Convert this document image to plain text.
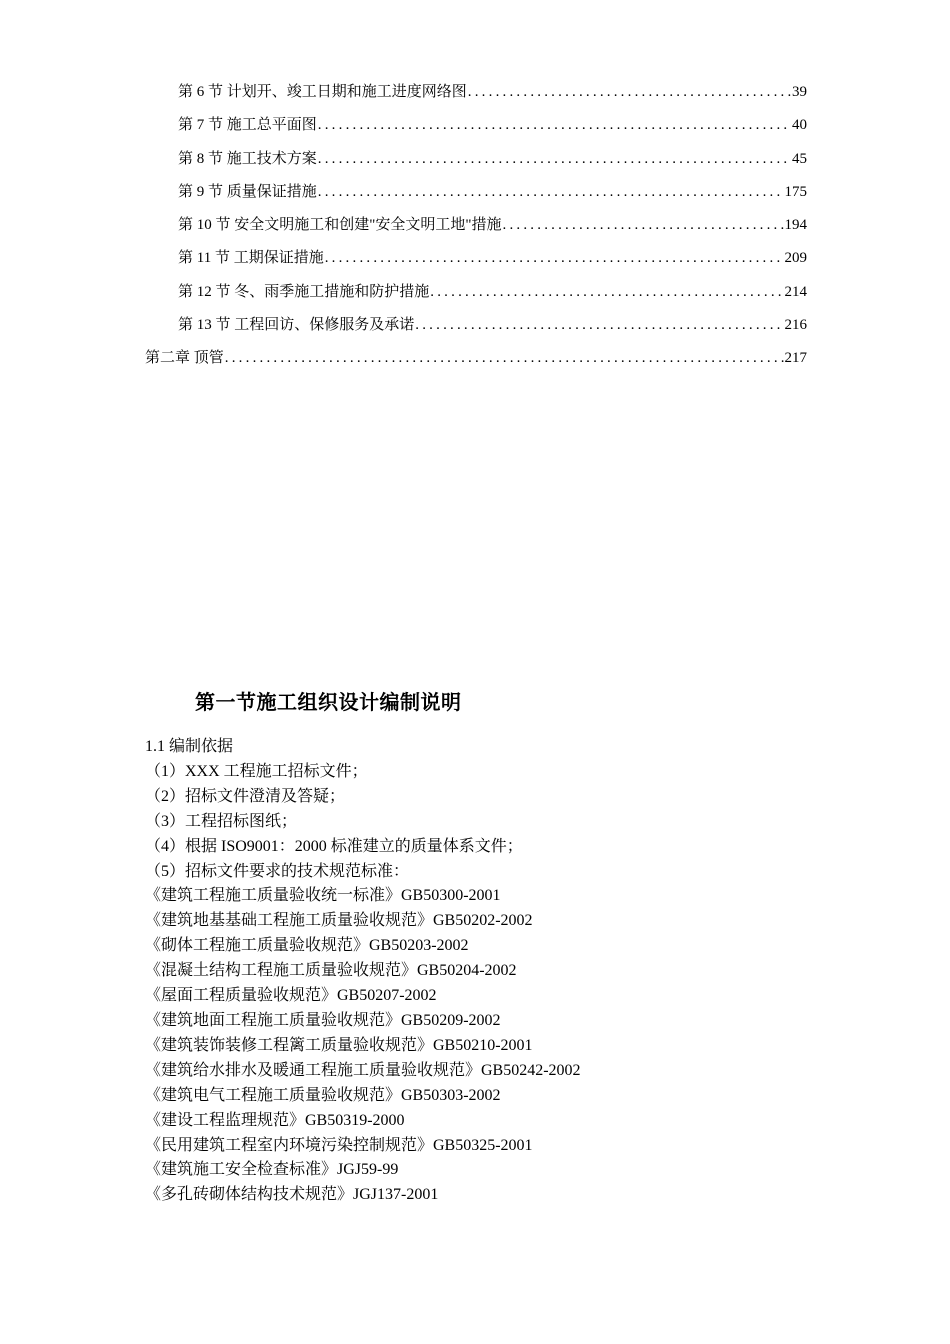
第 6 节 计划开、竣工日期和施工进度网络图 .....	39
第 7 节 施工总平面图 .....	40
第 8 节 施工技术方案 .....	45
第 9 节 质量保证措施 .....	175
第 10 节 安全文明施工和创建"安全文明工地"措施 .....	194
第 11 节 工期保证措施 .....	209
第 12 节 冬、雨季施工措施和防护措施 .....	214
第 13 节 工程回访、保修服务及承诺 .....	216
第二章 顶管 .....	217
第一节施工组织设计编制说明
1.1 编制依据
（1）XXX 工程施工招标文件；
（2）招标文件澄清及答疑；
（3）工程招标图纸；
（4）根据 ISO9001：2000 标准建立的质量体系文件；
（5）招标文件要求的技术规范标准：
《建筑工程施工质量验收统一标准》GB50300-2001
《建筑地基基础工程施工质量验收规范》GB50202-2002
《砌体工程施工质量验收规范》GB50203-2002
《混凝土结构工程施工质量验收规范》GB50204-2002
《屋面工程质量验收规范》GB50207-2002
《建筑地面工程施工质量验收规范》GB50209-2002
《建筑装饰装修工程篱工质量验收规范》GB50210-2001
《建筑给水排水及暖通工程施工质量验收规范》GB50242-2002
《建筑电气工程施工质量验收规范》GB50303-2002
《建设工程监理规范》GB50319-2000
《民用建筑工程室内环境污染控制规范》GB50325-2001
《建筑施工安全检查标准》JGJ59-99
《多孔砖砌体结构技术规范》JGJ137-2001
